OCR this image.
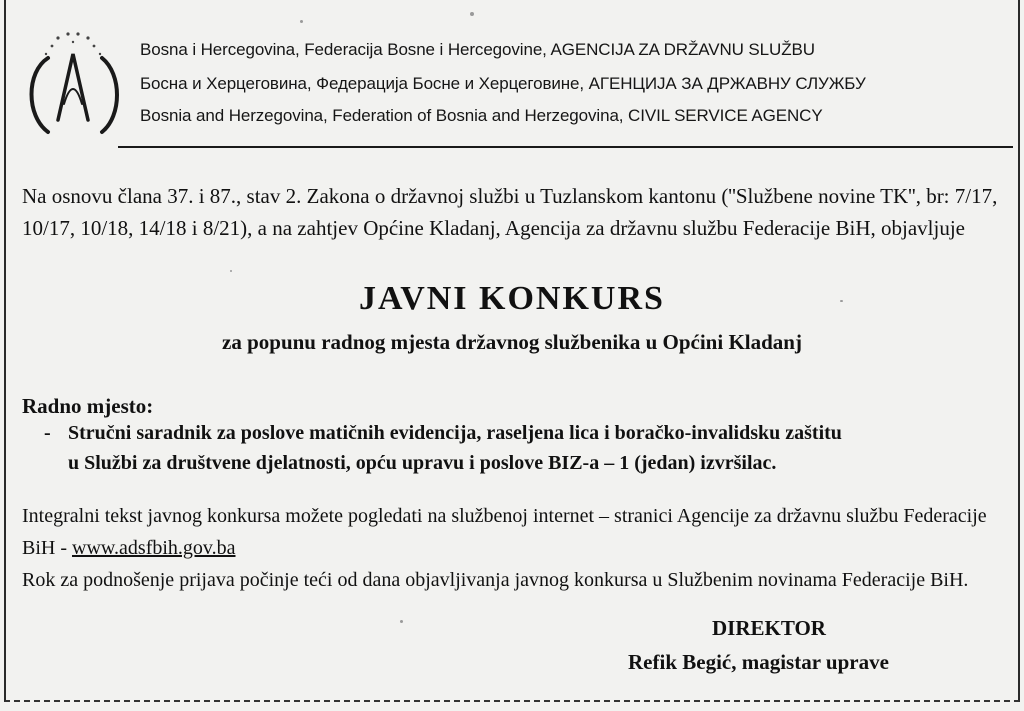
Bosna i Hercegovina, Federacija Bosne i Hercegovine, AGENCIJA ZA DRŽAVNU SLUŽBU
Босна и Херцеговина, Федерација Босне и Херцеговине, АГЕНЦИЈА ЗА ДРЖАВНУ СЛУЖБУ
Bosnia and Herzegovina, Federation of Bosnia and Herzegovina, CIVIL SERVICE AGENCY
Na osnovu člana 37. i 87., stav 2. Zakona o državnoj službi u Tuzlanskom kantonu (''Službene novine TK'', br: 7/17, 10/17, 10/18, 14/18 i 8/21), a na zahtjev Općine Kladanj, Agencija za državnu službu Federacije BiH, objavljuje
JAVNI KONKURS
za popunu radnog mjesta državnog službenika u Općini Kladanj
Radno mjesto:
- Stručni saradnik za poslove matičnih evidencija, raseljena lica i boračko-invalidsku zaštitu
u Službi za društvene djelatnosti, opću upravu i poslove BIZ-a – 1 (jedan) izvršilac.
Integralni tekst javnog konkursa možete pogledati na službenoj internet – stranici Agencije za državnu službu Federacije BiH - www.adsfbih.gov.ba
Rok za podnošenje prijava počinje teći od dana objavljivanja javnog konkursa u Službenim novinama Federacije BiH.
DIREKTOR
Refik Begić, magistar uprave
